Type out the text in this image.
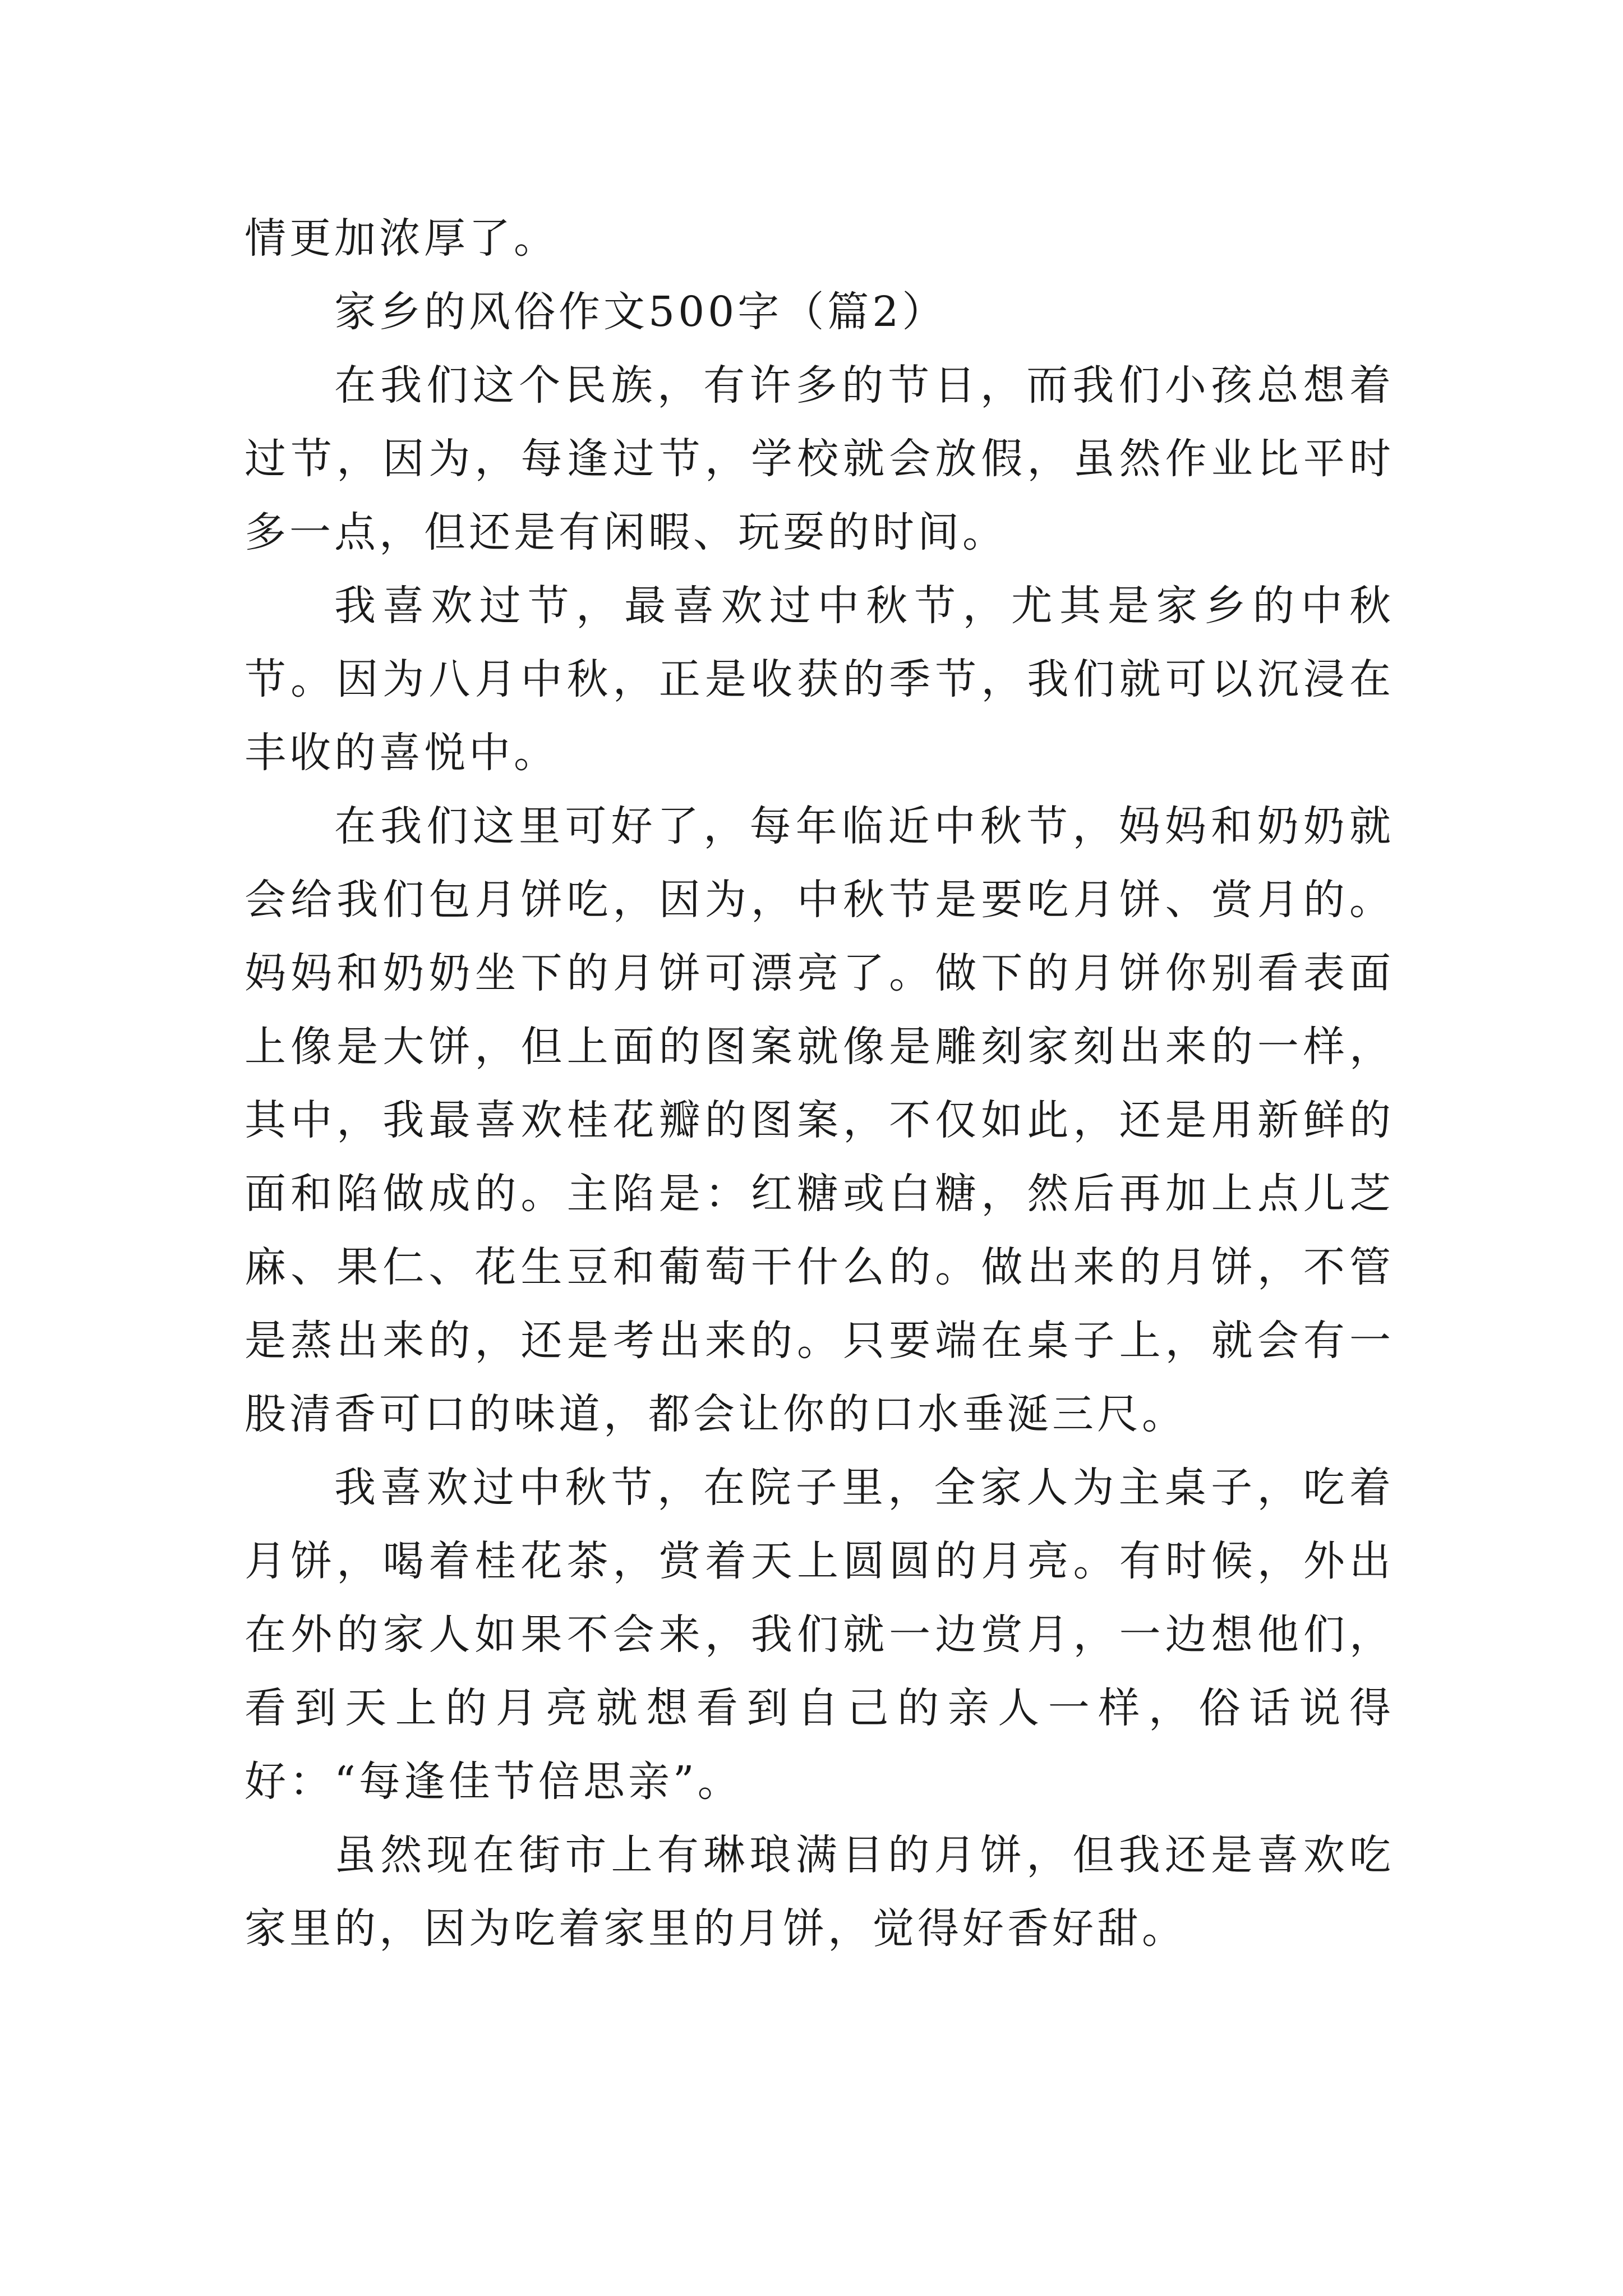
情更加浓厚了。

家乡的风俗作文500字（篇2）

在我们这个民族，有许多的节日，而我们小孩总想着过节，因为，每逢过节，学校就会放假，虽然作业比平时多一点，但还是有闲暇、玩耍的时间。

我喜欢过节，最喜欢过中秋节，尤其是家乡的中秋节。因为八月中秋，正是收获的季节，我们就可以沉浸在丰收的喜悦中。

在我们这里可好了，每年临近中秋节，妈妈和奶奶就会给我们包月饼吃，因为，中秋节是要吃月饼、赏月的。妈妈和奶奶坐下的月饼可漂亮了。做下的月饼你别看表面上像是大饼，但上面的图案就像是雕刻家刻出来的一样，其中，我最喜欢桂花瓣的图案，不仅如此，还是用新鲜的面和陷做成的。主陷是：红糖或白糖，然后再加上点儿芝麻、果仁、花生豆和葡萄干什么的。做出来的月饼，不管是蒸出来的，还是考出来的。只要端在桌子上，就会有一股清香可口的味道，都会让你的口水垂涎三尺。

我喜欢过中秋节，在院子里，全家人为主桌子，吃着月饼，喝着桂花茶，赏着天上圆圆的月亮。有时候，外出在外的家人如果不会来，我们就一边赏月，一边想他们，看到天上的月亮就想看到自己的亲人一样，俗话说得好：“每逢佳节倍思亲”。

虽然现在街市上有琳琅满目的月饼，但我还是喜欢吃家里的，因为吃着家里的月饼，觉得好香好甜。
